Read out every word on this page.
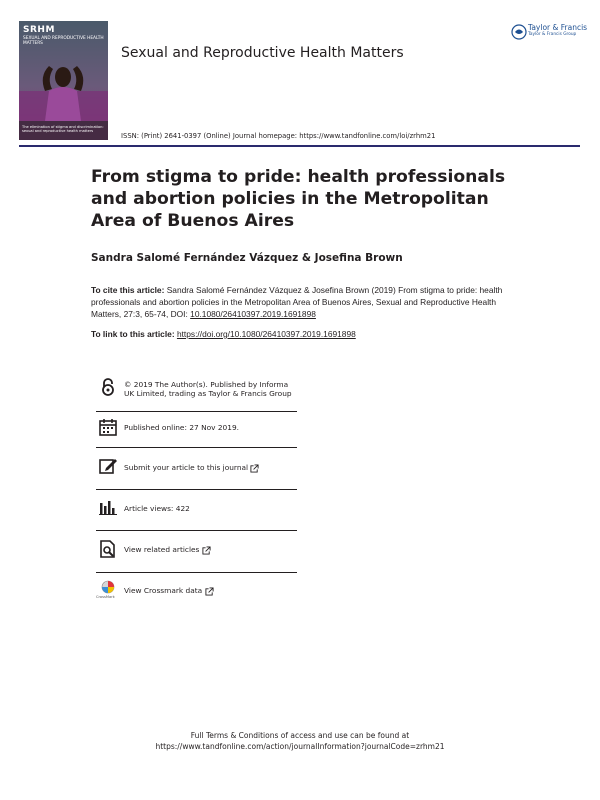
SRHM
SEXUAL AND REPRODUCTIVE HEALTH MATTERS
The elimination of stigma and discrimination: sexual and reproductive health matters
Sexual and Reproductive Health Matters
Taylor & Francis
Taylor & Francis Group
ISSN: (Print) 2641-0397 (Online) Journal homepage: https://www.tandfonline.com/loi/zrhm21
From stigma to pride: health professionals and abortion policies in the Metropolitan Area of Buenos Aires
Sandra Salomé Fernández Vázquez & Josefina Brown
To cite this article: Sandra Salomé Fernández Vázquez & Josefina Brown (2019) From stigma to pride: health professionals and abortion policies in the Metropolitan Area of Buenos Aires, Sexual and Reproductive Health Matters, 27:3, 65-74, DOI: 10.1080/26410397.2019.1691898
To link to this article: https://doi.org/10.1080/26410397.2019.1691898
© 2019 The Author(s). Published by Informa UK Limited, trading as Taylor & Francis Group
Published online: 27 Nov 2019.
Submit your article to this journal
Article views: 422
View related articles
CrossMark
View Crossmark data
Full Terms & Conditions of access and use can be found at
https://www.tandfonline.com/action/journalInformation?journalCode=zrhm21
